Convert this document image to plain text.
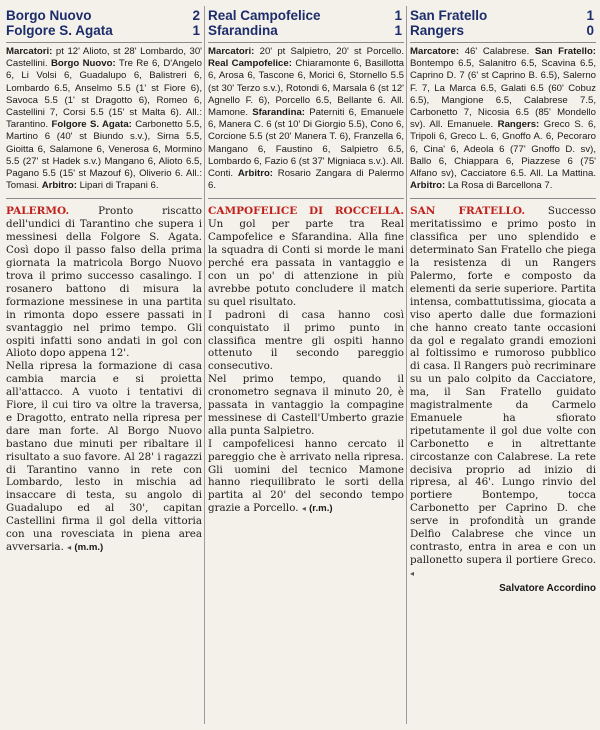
Borgo Nuovo	2
Folgore S. Agata	1

Marcatori: pt 12' Alioto, st 28' Lombardo, 30' Castellini. Borgo Nuovo: Tre Re 6, D'Angelo 6, Li Volsi 6, Guadalupo 6, Balistreri 6, Lombardo 6.5, Anselmo 5.5 (1' st Fiore 6), Savoca 5.5 (1' st Dragotto 6), Romeo 6, Castellini 7, Corsi 5.5 (15' st Malta 6). All.: Tarantino. Folgore S. Agata: Carbonetto 5.5, Martino 6 (40' st Biundo s.v.), Sirna 5.5, Gioitta 6, Salamone 6, Venerosa 6, Mormino 5.5 (27' st Hadek s.v.) Mangano 6, Alioto 6.5, Pagano 5.5 (15' st Mazouf 6), Oliverio 6. All.: Tomasi. Arbitro: Lipari di Trapani 6.

PALERMO.	Pronto riscatto dell'undici di Tarantino che supera i messinesi della Folgore S. Agata. Così dopo il passo falso della prima giornata la matricola Borgo Nuovo trova il primo successo casalingo. I rosanero battono di misura la formazione messinese in una partita in rimonta dopo essere passati in svantaggio nel primo tempo. Gli ospiti infatti sono andati in gol con Alioto dopo appena 12'.

Nella ripresa la formazione di casa cambia marcia e si proietta all'attacco. A vuoto i tentativi di Fiore, il cui tiro va oltre la traversa, e Dragotto, entrato nella ripresa per dare man forte. Al Borgo Nuovo bastano due minuti per ribaltare il risultato a suo favore. Al 28' i ragazzi di Tarantino vanno in rete con Lombardo, lesto in mischia ad insaccare di testa, su angolo di Guadalupo ed al 30', capitan Castellini firma il gol della vittoria con una rovesciata in piena area avversaria. ◂ (m.m.)

Real Campofelice	1
Sfarandina	1

Marcatori: 20' pt Salpietro, 20' st Porcello. Real Campofelice: Chiaramonte 6, Basillotta 6, Arosa 6, Tascone 6, Morici 6, Stornello 5.5 (st 30' Terzo s.v.), Rotondi 6, Marsala 6 (st 12' Agnello F. 6), Porcello 6.5, Bellante 6. All. Mamone. Sfarandina: Paterniti 6, Emanuele 6, Manera C. 6 (st 10' Di Giorgio 5.5), Cono 6, Corcione 5.5 (st 20' Manera T. 6), Franzella 6, Mangano 6, Faustino 6, Salpietro 6.5, Lombardo 6, Fazio 6 (st 37' Migniaca s.v.). All. Conti. Arbitro: Rosario Zangara di Palermo 6.

CAMPOFELICE DI ROCCELLA. Un gol per parte tra Real Campofelice e Sfarandina. Alla fine la squadra di Conti si morde le mani perché era passata in vantaggio e con un po' di attenzione in più avrebbe potuto concludere il match su quel risultato.

I padroni di casa hanno così conquistato il primo punto in classifica mentre gli ospiti hanno ottenuto il secondo pareggio consecutivo.

Nel primo tempo, quando il cronometro segnava il minuto 20, è passata in vantaggio la compagine messinese di Castell'Umberto grazie alla punta Salpietro.

I campofelicesi hanno cercato il pareggio che è arrivato nella ripresa. Gli uomini del tecnico Mamone hanno riequilibrato le sorti della partita al 20' del secondo tempo grazie a Porcello. ◂ (r.m.)

San Fratello	1
Rangers	0

Marcatore: 46' Calabrese. San Fratello: Bontempo 6.5, Salanitro 6.5, Scavina 6.5, Caprino D. 7 (6' st Caprino B. 6.5), Salerno F. 7, La Marca 6.5, Galati 6.5 (60' Cobuz 6.5), Mangione 6.5, Calabrese 7.5, Carbonetto 7, Nicosia 6.5 (85' Mondello sv). All. Emanuele. Rangers: Greco S. 6, Tripoli 6, Greco L. 6, Gnoffo A. 6, Pecoraro 6, Cina' 6, Adeola 6 (77' Gnoffo D. sv), Ballo 6, Chiappara 6, Piazzese 6 (75' Alfano sv), Cacciatore 6.5. All. La Mattina. Arbitro: La Rosa di Barcellona 7.

SAN FRATELLO. Successo meritatissimo e primo posto in classifica per uno splendido e determinato San Fratello che piega la resistenza di un Rangers Palermo, forte e composto da elementi da serie superiore. Partita intensa, combattutissima, giocata a viso aperto dalle due formazioni che hanno creato tante occasioni da gol e regalato grandi emozioni al foltissimo e rumoroso pubblico di casa. Il Rangers può recriminare su un palo colpito da Cacciatore, ma, il San Fratello guidato magistralmente da Carmelo Emanuele ha sfiorato ripetutamente il gol due volte con Carbonetto e in altrettante circostanze con Calabrese. La rete decisiva proprio ad inizio di ripresa, al 46'. Lungo rinvio del portiere Bontempo, tocca Carbonetto per Caprino D. che serve in profondità un grande Delfio Calabrese che vince un contrasto, entra in area e con un pallonetto supera il portiere Greco. ◂

Salvatore Accordino
